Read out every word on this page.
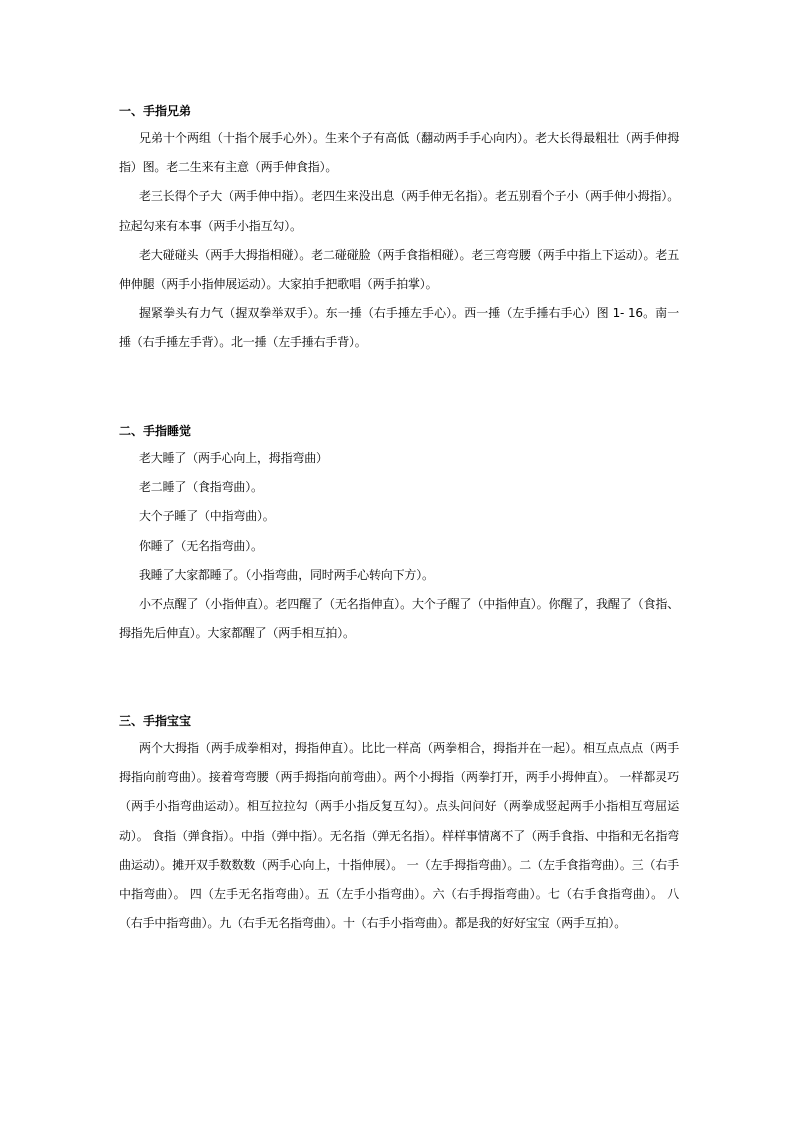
一、手指兄弟

兄弟十个两组（十指个展手心外）。生来个子有高低（翻动两手手心向内）。老大长得最粗壮（两手伸拇指）图。老二生来有主意（两手伸食指）。

老三长得个子大（两手伸中指）。老四生来没出息（两手伸无名指）。老五别看个子小（两手伸小拇指）。拉起勾来有本事（两手小指互勾）。

老大碰碰头（两手大拇指相碰）。老二碰碰脸（两手食指相碰）。老三弯弯腰（两手中指上下运动）。老五伸伸腿（两手小指伸展运动）。大家拍手把歌唱（两手拍掌）。

握紧拳头有力气（握双拳举双手）。东一捶（右手捶左手心）。西一捶（左手捶右手心）图 1- 16。南一捶（右手捶左手背）。北一捶（左手捶右手背）。

二、手指睡觉

老大睡了（两手心向上，拇指弯曲）

老二睡了（食指弯曲）。

大个子睡了（中指弯曲）。

你睡了（无名指弯曲）。

我睡了大家都睡了。（小指弯曲，同时两手心转向下方）。

小不点醒了（小指伸直）。老四醒了（无名指伸直）。大个子醒了（中指伸直）。你醒了，我醒了（食指、拇指先后伸直）。大家都醒了（两手相互拍）。

三、手指宝宝

两个大拇指（两手成拳相对，拇指伸直）。比比一样高（两拳相合，拇指并在一起）。相互点点点（两手拇指向前弯曲）。接着弯弯腰（两手拇指向前弯曲）。两个小拇指（两拳打开，两手小拇伸直）。 一样都灵巧（两手小指弯曲运动）。相互拉拉勾（两手小指反复互勾）。点头问问好（两拳成竖起两手小指相互弯屈运动）。 食指（弹食指）。中指（弹中指）。无名指（弹无名指）。样样事情离不了（两手食指、中指和无名指弯曲运动）。摊开双手数数数（两手心向上，十指伸展）。 一（左手拇指弯曲）。二（左手食指弯曲）。三（右手中指弯曲）。 四（左手无名指弯曲）。五（左手小指弯曲）。六（右手拇指弯曲）。七（右手食指弯曲）。 八（右手中指弯曲）。九（右手无名指弯曲）。十（右手小指弯曲）。都是我的好好宝宝（两手互拍）。
